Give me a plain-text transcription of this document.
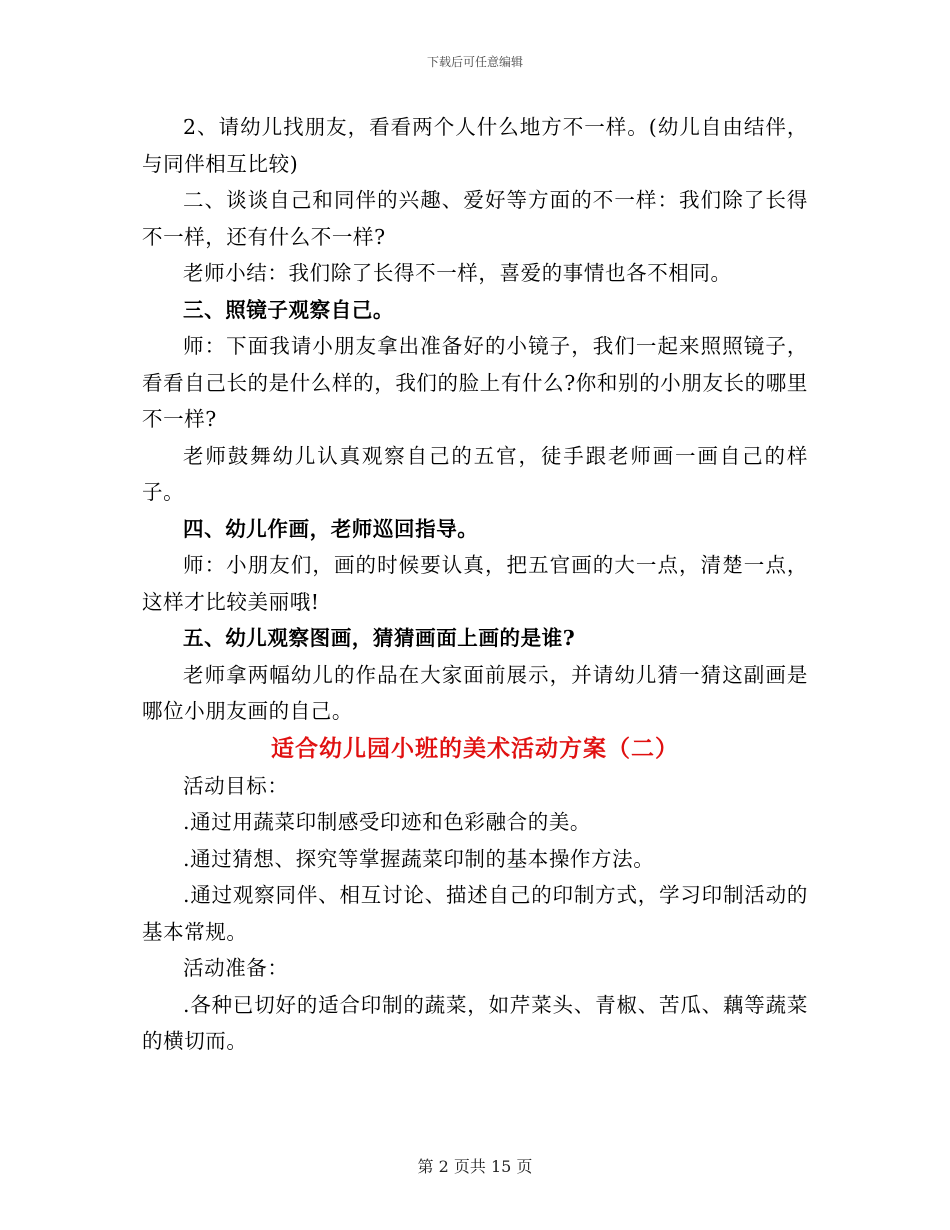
下载后可任意编辑

2、请幼儿找朋友，看看两个人什么地方不一样。(幼儿自由结伴，与同伴相互比较)

二、谈谈自己和同伴的兴趣、爱好等方面的不一样：我们除了长得不一样，还有什么不一样?

老师小结：我们除了长得不一样，喜爱的事情也各不相同。

三、照镜子观察自己。

师：下面我请小朋友拿出准备好的小镜子，我们一起来照照镜子，看看自己长的是什么样的，我们的脸上有什么?你和别的小朋友长的哪里不一样?

老师鼓舞幼儿认真观察自己的五官，徒手跟老师画一画自己的样子。

四、幼儿作画，老师巡回指导。

师：小朋友们，画的时候要认真，把五官画的大一点，清楚一点，这样才比较美丽哦!

五、幼儿观察图画，猜猜画面上画的是谁?

老师拿两幅幼儿的作品在大家面前展示，并请幼儿猜一猜这副画是哪位小朋友画的自己。

适合幼儿园小班的美术活动方案（二）

活动目标：

.通过用蔬菜印制感受印迹和色彩融合的美。

.通过猜想、探究等掌握蔬菜印制的基本操作方法。

.通过观察同伴、相互讨论、描述自己的印制方式，学习印制活动的基本常规。

活动准备：

.各种已切好的适合印制的蔬菜，如芹菜头、青椒、苦瓜、藕等蔬菜的横切而。

第 2 页共 15 页
